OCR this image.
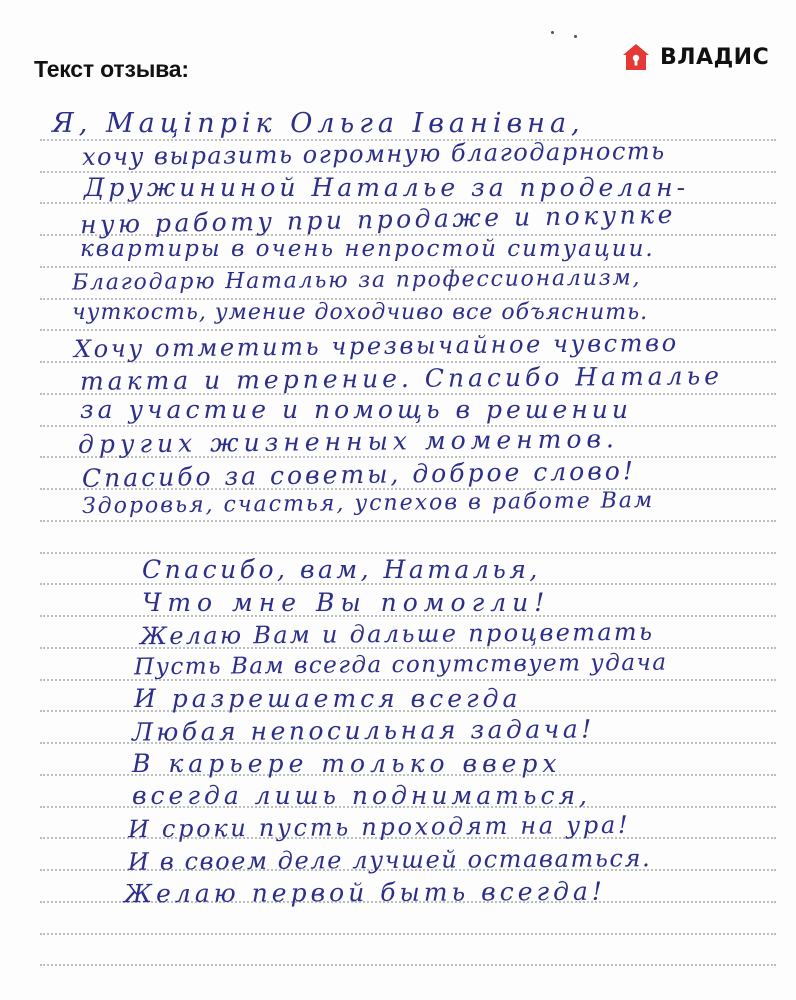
Текст отзыва:	ВЛАДИС
Я, Маціпрік Ольга Іванівна,
хочу выразить огромную благодарность
Дружининой Наталье за проделан-
ную работу при продаже и покупке
квартиры в очень непростой ситуации.
Благодарю Наталью за профессионализм,
чуткость, умение доходчиво все объяснить.
Хочу отметить чрезвычайное чувство
такта и терпение. Спасибо Наталье
за участие и помощь в решении
других жизненных моментов.
Спасибо за советы, доброе слово!
Здоровья, счастья, успехов в работе Вам
Спасибо, вам, Наталья,
Что мне Вы помогли!
Желаю Вам и дальше процветать
Пусть Вам всегда сопутствует удача
И разрешается всегда
Любая непосильная задача!
В карьере только вверх
всегда лишь подниматься,
И сроки пусть проходят на ура!
И в своем деле лучшей оставаться.
Желаю первой быть всегда!
